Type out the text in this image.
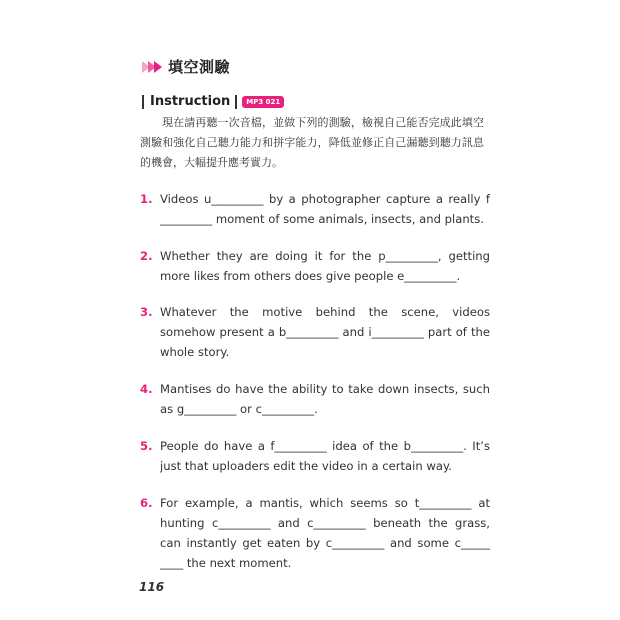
填空測驗
Instruction	MP3 021
現在請再聽一次音檔，並做下列的測驗，檢視自己能否完成此填空測驗和強化自己聽力能力和拼字能力，降低並修正自己漏聽到聽力訊息的機會，大幅提升應考實力。
1. Videos u_________ by a photographer capture a really f _________ moment of some animals, insects, and plants.
2. Whether they are doing it for the p_________, getting more likes from others does give people e_________.
3. Whatever the motive behind the scene, videos somehow present a b_________ and i_________ part of the whole story.
4. Mantises do have the ability to take down insects, such as g_________ or c_________.
5. People do have a f_________ idea of the b_________. It’s just that uploaders edit the video in a certain way.
6. For example, a mantis, which seems so t_________ at hunting c_________ and c_________ beneath the grass, can instantly get eaten by c_________ and some c_____ ____ the next moment.
116
